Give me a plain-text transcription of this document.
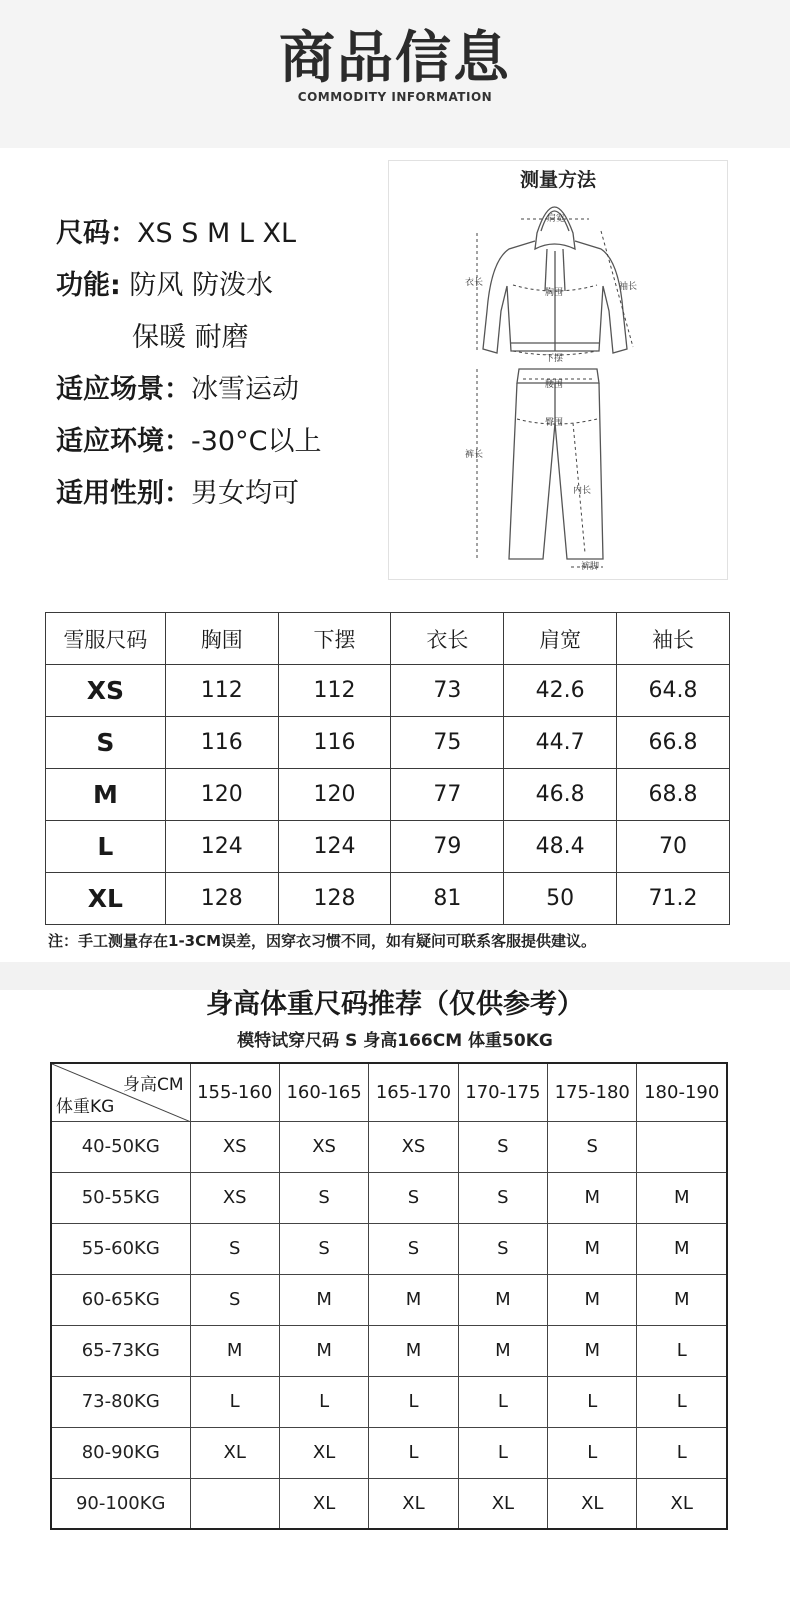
商品信息
COMMODITY INFORMATION
尺码：XS S M L XL
功能: 防风 防泼水
保暖 耐磨
适应场景：冰雪运动
适应环境：-30°C以上
适用性别：男女均可
测量方法
肩宽
衣长
胸围
袖长
下摆
腰围
臀围
裤长
内长
裤脚
雪服尺码	胸围	下摆	衣长	肩宽	袖长
XS	112	112	73	42.6	64.8
S	116	116	75	44.7	66.8
M	120	120	77	46.8	68.8
L	124	124	79	48.4	70
XL	128	128	81	50	71.2
注：手工测量存在1-3CM误差，因穿衣习惯不同，如有疑问可联系客服提供建议。
身高体重尺码推荐（仅供参考）
模特试穿尺码 S 身高166CM 体重50KG
身高CM
体重KG	155-160	160-165	165-170	170-175	175-180	180-190
40-50KG	XS	XS	XS	S	S	
50-55KG	XS	S	S	S	M	M
55-60KG	S	S	S	S	M	M
60-65KG	S	M	M	M	M	M
65-73KG	M	M	M	M	M	L
73-80KG	L	L	L	L	L	L
80-90KG	XL	XL	L	L	L	L
90-100KG		XL	XL	XL	XL	XL
